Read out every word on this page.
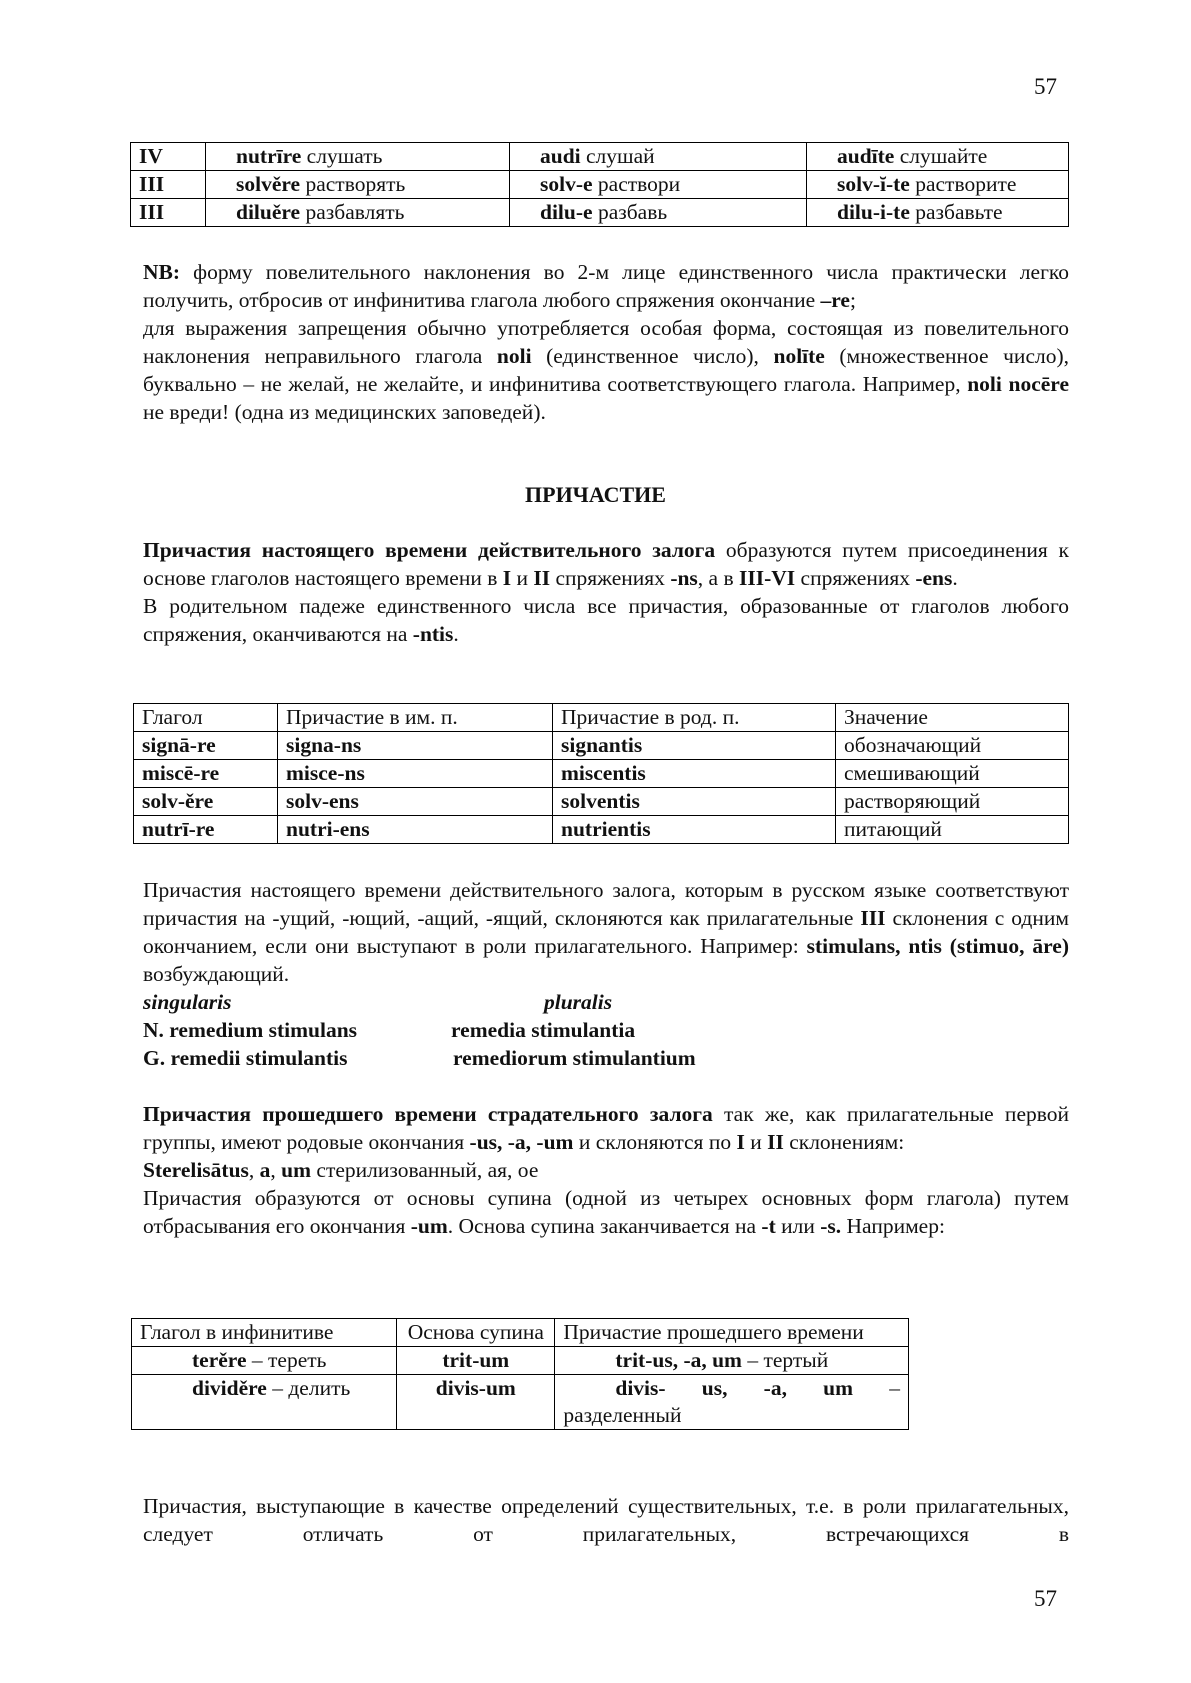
57
IV	nutrīre слушать	audi слушай	audīte слушайте
III	solvěre растворять	solv-e раствори	solv-ĭ-te растворите
III	diluěre разбавлять	dilu-e разбавь	dilu-i-te разбавьте

NB: форму повелительного наклонения во 2-м лице единственного числа практически легко получить, отбросив от инфинитива глагола любого спряжения окончание –re;

для выражения запрещения обычно употребляется особая форма, состоящая из повелительного наклонения неправильного глагола noli (единственное число), nolīte (множественное число), буквально – не желай, не желайте, и инфинитива соответствующего глагола. Например, noli nocēre не вреди! (одна из медицинских заповедей).

ПРИЧАСТИЕ

Причастия настоящего времени действительного залога образуются путем присоединения к основе глаголов настоящего времени в I и II спряжениях -ns, а в III-VI спряжениях -ens.

В родительном падеже единственного числа все причастия, образованные от глаголов любого спряжения, оканчиваются на -ntis.

Глагол	Причастие в им. п.	Причастие в род. п.	Значение
signā-re	signa-ns	signantis	обозначающий
miscē-re	misce-ns	miscentis	смешивающий
solv-ěre	solv-ens	solventis	растворяющий
nutrī-re	nutri-ens	nutrientis	питающий

Причастия настоящего времени действительного залога, которым в русском языке соответствуют причастия на -ущий, -ющий, -ащий, -ящий, склоняются как прилагательные III склонения с одним окончанием, если они выступают в роли прилагательного. Например: stimulans, ntis (stimuo, āre) возбуждающий.

singularis	pluralis
N. remedium stimulans	remedia stimulantia
G. remedii stimulantis	remediorum stimulantium

Причастия прошедшего времени страдательного залога так же, как прилагательные первой группы, имеют родовые окончания -us, -a, -um и склоняются по I и II склонениям:

Sterelisātus, a, um стерилизованный, ая, ое

Причастия образуются от основы супина (одной из четырех основных форм глагола) путем отбрасывания его окончания -um. Основа супина заканчивается на -t или -s. Например:

Глагол в инфинитиве	Основа супина	Причастие прошедшего времени
terěre – тереть	trit-um	trit-us, -a, um – тертый
dividěre – делить	divis-um	divis- us, -a, um – разделенный

Причастия, выступающие в качестве определений существительных, т.е. в роли прилагательных, следует отличать от прилагательных, встречающихся в

57
